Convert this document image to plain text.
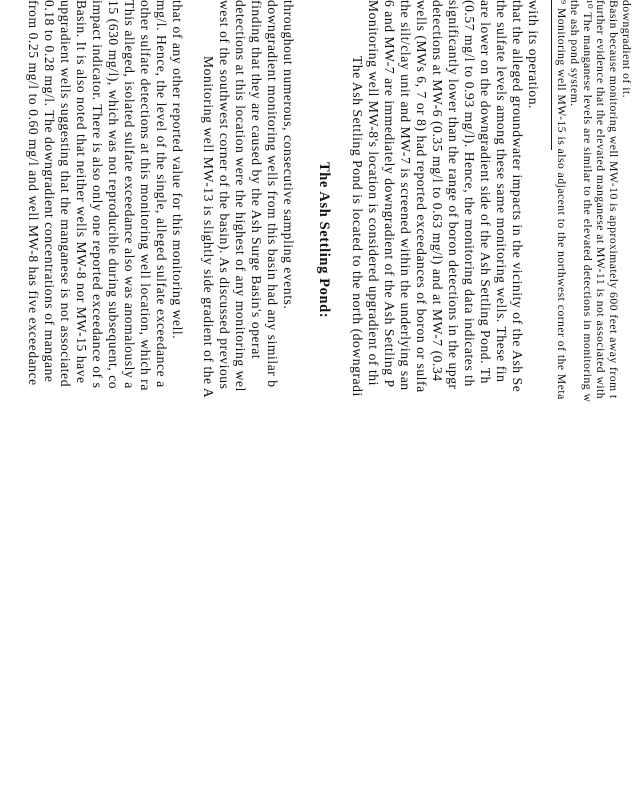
from 0.25 mg/l to 0.60 mg/l and well MW-8 has five exceedance 0.18 to 0.28 mg/l. The downgradient concentrations of mangane upgradient wells suggesting that the manganese is not associated Basin. It is also noted that neither wells MW-8 nor MW-15 have impact indicator. There is also only one reported exceedance of s 15 (630 mg/l), which was not reproducible during subsequent, co This alleged, isolated sulfate exceedance also was anomalously a other sulfate detections at this monitoring well location, which ra mg/l. Hence, the level of the single, alleged sulfate exceedance a that of any other reported value for this monitoring well. Monitoring well MW-13 is slightly side gradient of the A west of the southwest corner of the basin). As discussed previous detections at this location were the highest of any monitoring wel finding that they are caused by the Ash Surge Basin's operat downgradient monitoring wells from this basin had any similar b throughout numerous, consecutive sampling events. The Ash Settling Pond: The Ash Settling Pond is located to the north (downgradi Monitoring well MW-8's location is considered upgradient of thi 6 and MW-7 are immediately downgradient of the Ash Settling P the silt/clay unit and MW-7 is screened within the underlying san wells (MWs 6, 7 or 8) had reported exceedances of boron or sulfa detections at MW-6 (0.35 mg/l to 0.63 mg/l) and at MW-7 (0.34 significantly lower than the range of boron detections in the upgr (0.57 mg/l to 0.93 mg/l). Hence, the monitoring data indicates th are lower on the downgradient side of the Ash Settling Pond. Th the sulfate levels among these same monitoring wells. These fin that the alleged groundwater impacts in the vicinity of the Ash Se with its operation. ⁹ Monitoring well MW-15 is also adjacent to the northwest corner of the Meta the ash pond system. ¹⁰ The manganese levels are similar to the elevated detections in monitoring w further evidence that the elevated manganese at MW-11 is not associated with Basin because monitoring well MW-10 is approximately 600 feet away from t downgradient of it.
